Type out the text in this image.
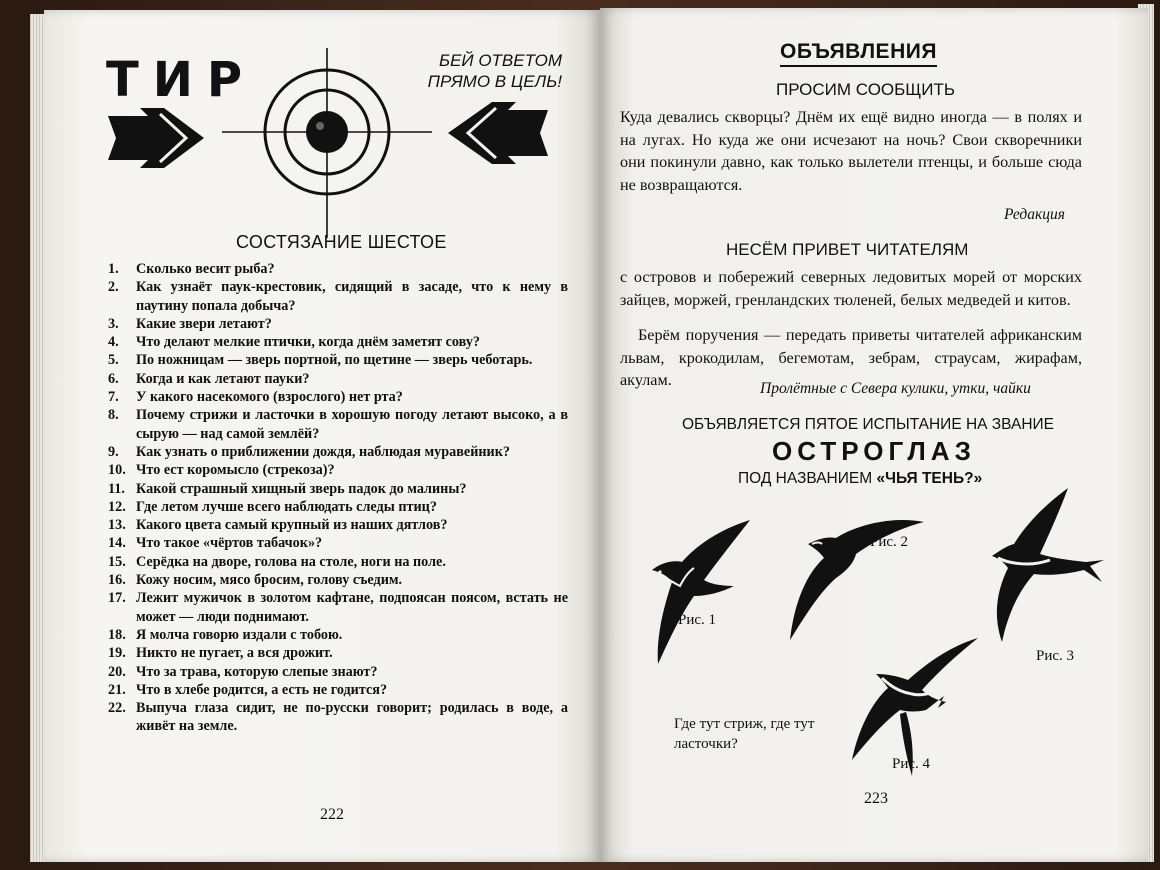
ТИР	БЕЙ ОТВЕТОМ ПРЯМО В ЦЕЛЬ!
СОСТЯЗАНИЕ ШЕСТОЕ
1.	Сколько весит рыба?
2.	Как узнаёт паук-крестовик, сидящий в засаде, что к нему в паутину попала добыча?
3.	Какие звери летают?
4.	Что делают мелкие птички, когда днём заметят сову?
5.	По ножницам — зверь портной, по щетине — зверь чеботарь.
6.	Когда и как летают пауки?
7.	У какого насекомого (взрослого) нет рта?
8.	Почему стрижи и ласточки в хорошую погоду летают высоко, а в сырую — над самой землёй?
9.	Как узнать о приближении дождя, наблюдая муравейник?
10. Что ест коромысло (стрекоза)?
11. Какой страшный хищный зверь падок до малины?
12. Где летом лучше всего наблюдать следы птиц?
13. Какого цвета самый крупный из наших дятлов?
14. Что такое «чёртов табачок»?
15. Серёдка на дворе, голова на столе, ноги на поле.
16. Кожу носим, мясо бросим, голову съедим.
17. Лежит мужичок в золотом кафтане, подпоясан поясом, встать не может — люди поднимают.
18. Я молча говорю издали с тобою.
19. Никто не пугает, а вся дрожит.
20. Что за трава, которую слепые знают?
21. Что в хлебе родится, а есть не годится?
22. Выпуча глаза сидит, не по-русски говорит; родилась в воде, а живёт на земле.
222
ОБЪЯВЛЕНИЯ
ПРОСИМ СООБЩИТЬ

Куда девались скворцы? Днём их ещё видно иногда — в полях и на лугах. Но куда же они исчезают на ночь? Свои скворечники они покинули давно, как только вылетели птенцы, и больше сюда не возвращаются.

Редакция
НЕСЁМ ПРИВЕТ ЧИТАТЕЛЯМ

с островов и побережий северных ледовитых морей от морских зайцев, моржей, гренландских тюленей, белых медведей и китов.

Берём поручения — передать приветы читателей африканским львам, крокодилам, бегемотам, зебрам, страусам, жирафам, акулам.	Пролётные с Севера кулики, утки, чайки
ОБЪЯВЛЯЕТСЯ ПЯТОЕ ИСПЫТАНИЕ НА ЗВАНИЕ
ОСТРОГЛАЗ
ПОД НАЗВАНИЕМ «ЧЬЯ ТЕНЬ?»
Рис. 1
Рис. 2
Рис. 3
Рис. 4
Где тут стриж, где тут ласточки?
223
